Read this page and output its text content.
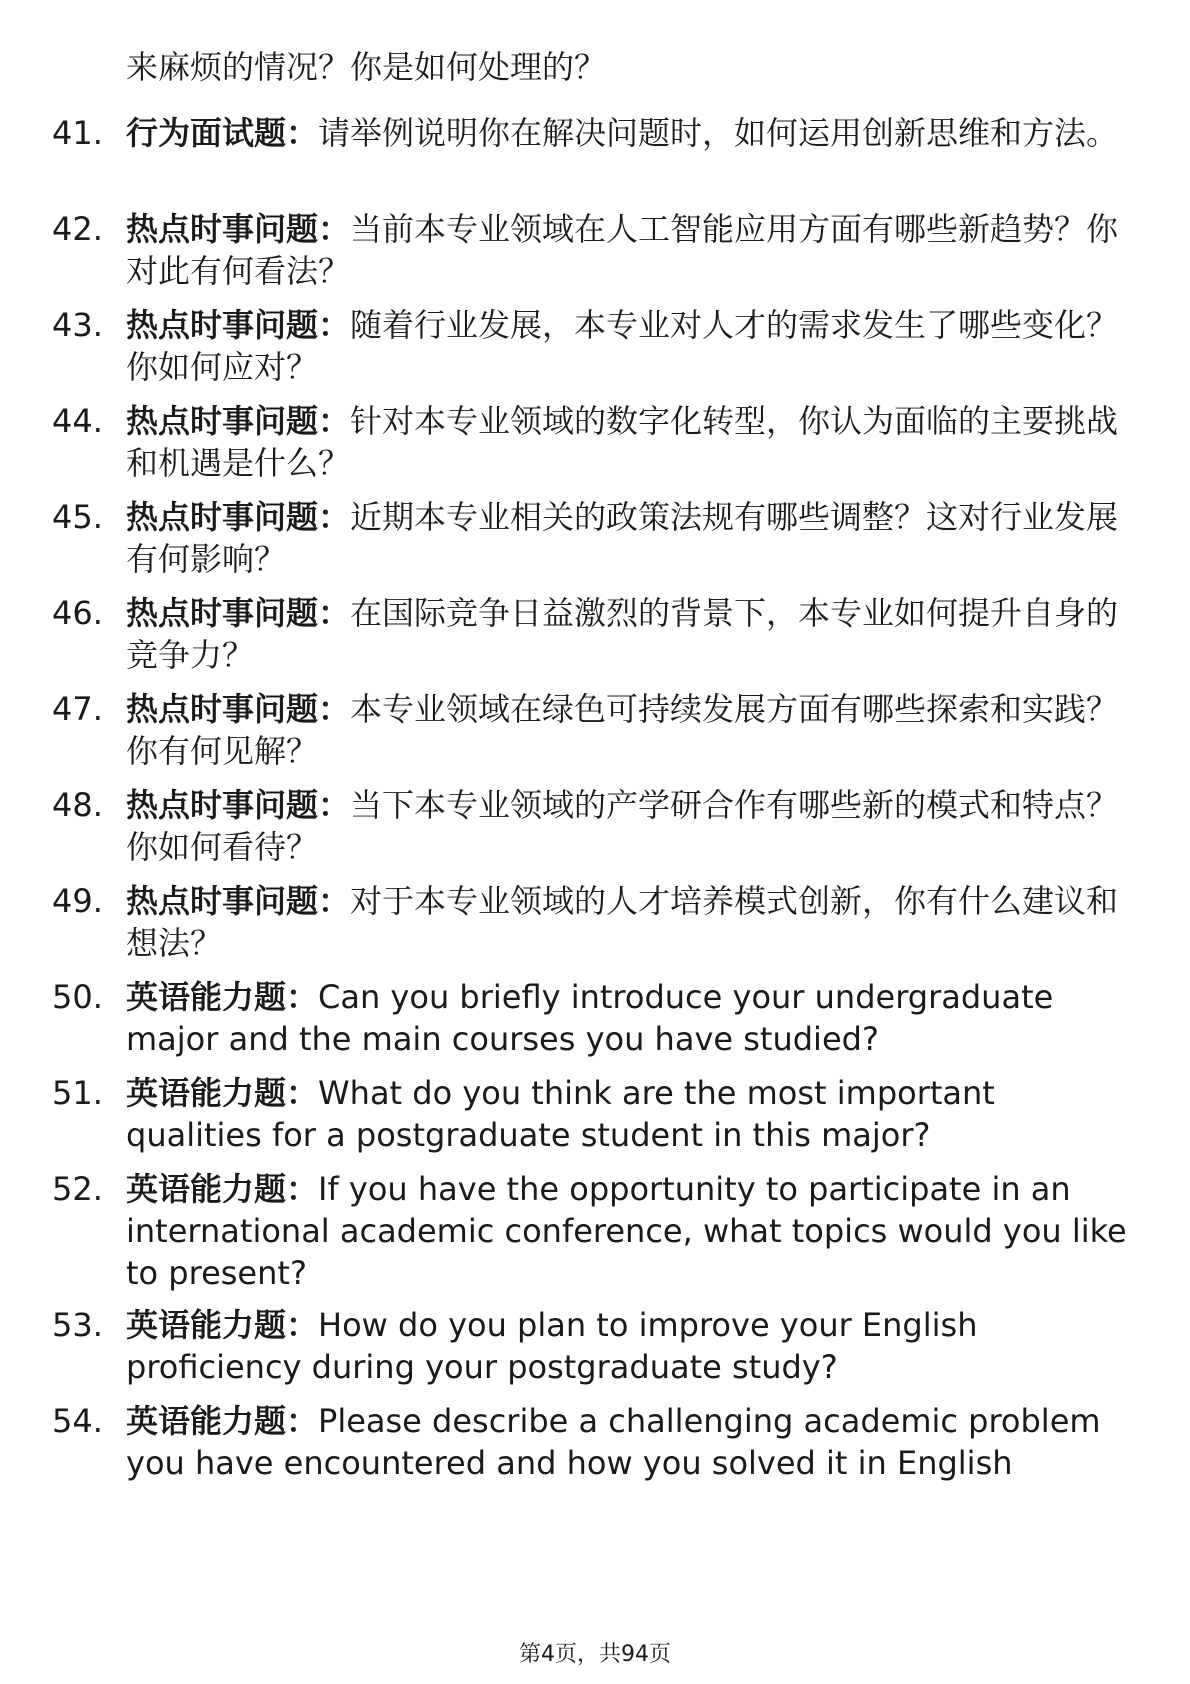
来麻烦的情况？你是如何处理的？
41. 行为面试题：请举例说明你在解决问题时，如何运用创新思维和方法。
42. 热点时事问题：当前本专业领域在人工智能应用方面有哪些新趋势？你对此有何看法？
43. 热点时事问题：随着行业发展，本专业对人才的需求发生了哪些变化？你如何应对？
44. 热点时事问题：针对本专业领域的数字化转型，你认为面临的主要挑战和机遇是什么？
45. 热点时事问题：近期本专业相关的政策法规有哪些调整？这对行业发展有何影响？
46. 热点时事问题：在国际竞争日益激烈的背景下，本专业如何提升自身的竞争力？
47. 热点时事问题：本专业领域在绿色可持续发展方面有哪些探索和实践？你有何见解？
48. 热点时事问题：当下本专业领域的产学研合作有哪些新的模式和特点？你如何看待？
49. 热点时事问题：对于本专业领域的人才培养模式创新，你有什么建议和想法？
50. 英语能力题：Can you briefly introduce your undergraduate major and the main courses you have studied?
51. 英语能力题：What do you think are the most important qualities for a postgraduate student in this major?
52. 英语能力题：If you have the opportunity to participate in an international academic conference, what topics would you like to present?
53. 英语能力题：How do you plan to improve your English proficiency during your postgraduate study?
54. 英语能力题：Please describe a challenging academic problem you have encountered and how you solved it in English
第4页，共94页
